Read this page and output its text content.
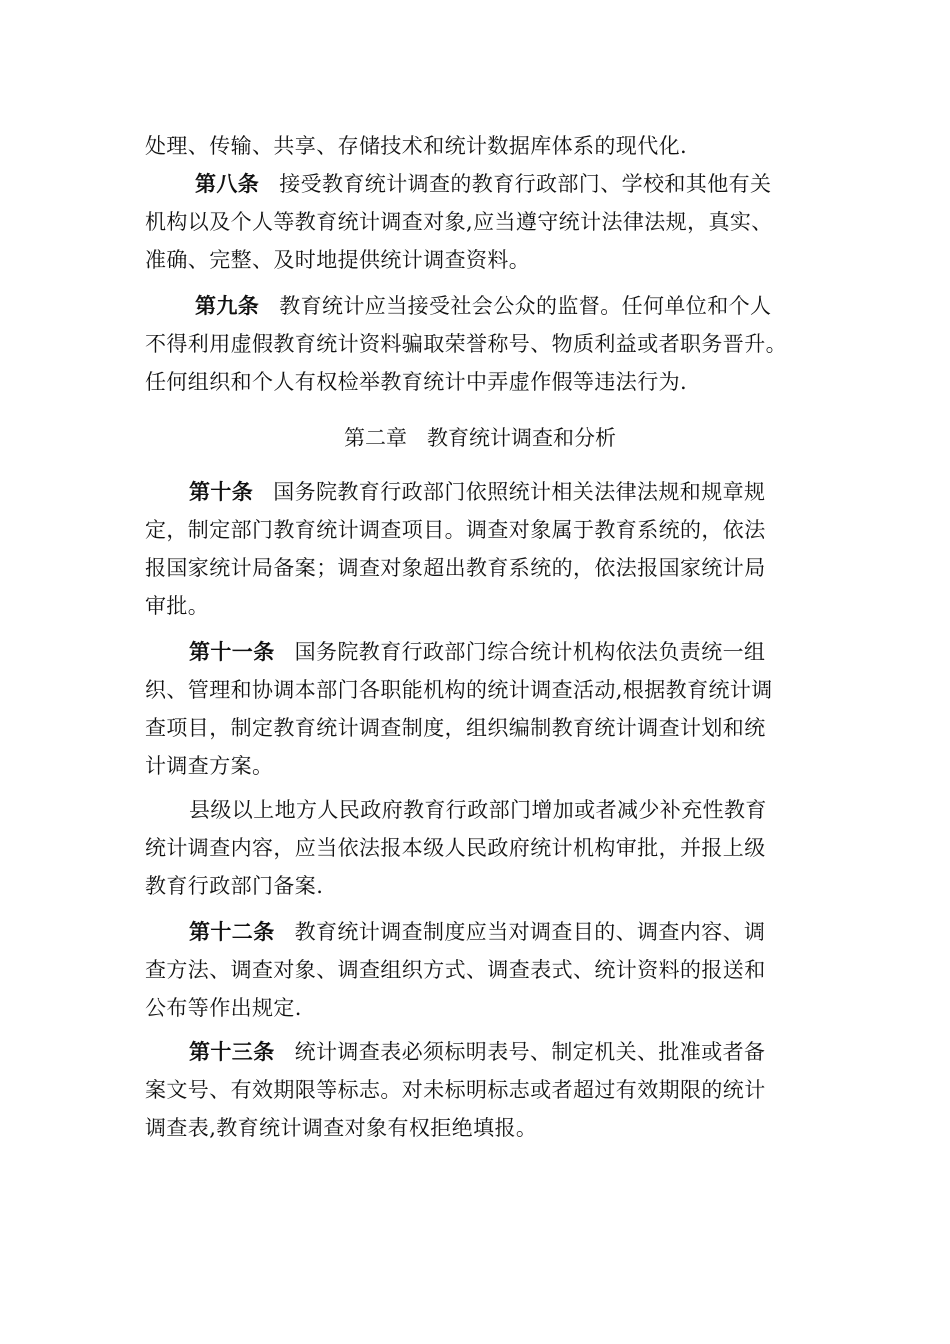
处理、传输、共享、存储技术和统计数据库体系的现代化.
第八条 接受教育统计调查的教育行政部门、学校和其他有关
机构以及个人等教育统计调查对象,应当遵守统计法律法规，真实、
准确、完整、及时地提供统计调查资料。
第九条 教育统计应当接受社会公众的监督。任何单位和个人
不得利用虚假教育统计资料骗取荣誉称号、物质利益或者职务晋升。
任何组织和个人有权检举教育统计中弄虚作假等违法行为.
第二章 教育统计调查和分析
第十条 国务院教育行政部门依照统计相关法律法规和规章规
定，制定部门教育统计调查项目。调查对象属于教育系统的，依法
报国家统计局备案；调查对象超出教育系统的，依法报国家统计局
审批。
第十一条 国务院教育行政部门综合统计机构依法负责统一组
织、管理和协调本部门各职能机构的统计调查活动,根据教育统计调
查项目，制定教育统计调查制度，组织编制教育统计调查计划和统
计调查方案。
县级以上地方人民政府教育行政部门增加或者减少补充性教育
统计调查内容，应当依法报本级人民政府统计机构审批，并报上级
教育行政部门备案.
第十二条 教育统计调查制度应当对调查目的、调查内容、调
查方法、调查对象、调查组织方式、调查表式、统计资料的报送和
公布等作出规定.
第十三条 统计调查表必须标明表号、制定机关、批准或者备
案文号、有效期限等标志。对未标明标志或者超过有效期限的统计
调查表,教育统计调查对象有权拒绝填报。
